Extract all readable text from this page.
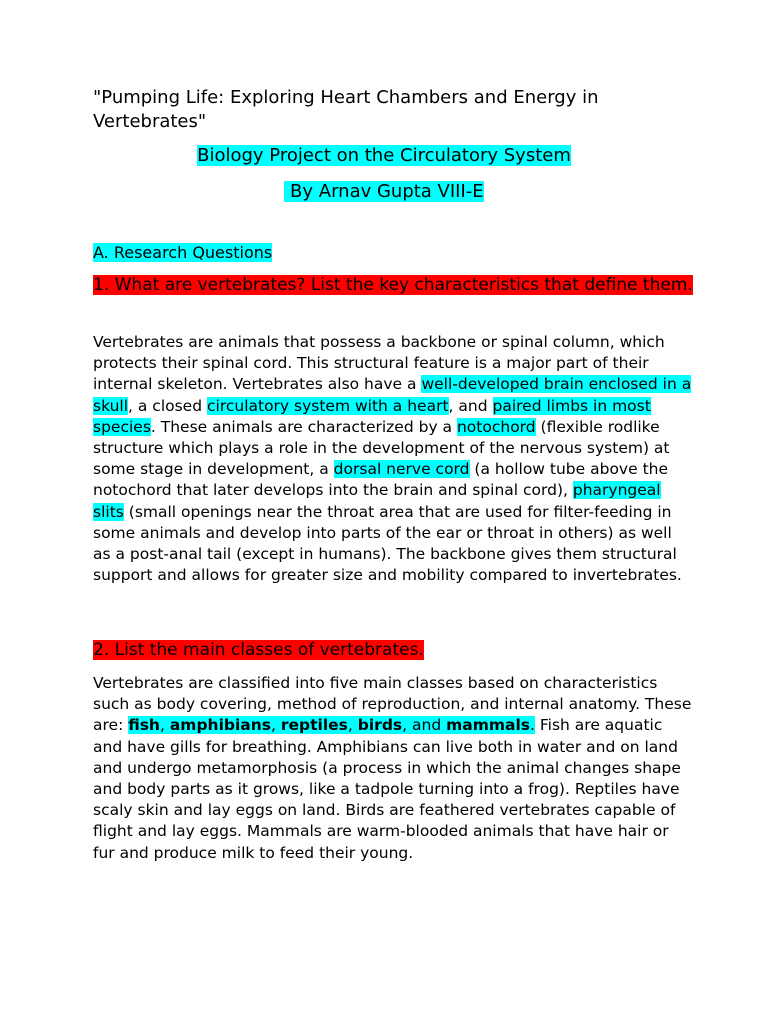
"Pumping Life: Exploring Heart Chambers and Energy in Vertebrates"
Biology Project on the Circulatory System
By Arnav Gupta VIII-E
A. Research Questions
1. What are vertebrates? List the key characteristics that define them.

Vertebrates are animals that possess a backbone or spinal column, which protects their spinal cord. This structural feature is a major part of their internal skeleton. Vertebrates also have a well-developed brain enclosed in a skull, a closed circulatory system with a heart, and paired limbs in most species. These animals are characterized by a notochord (flexible rodlike structure which plays a role in the development of the nervous system) at some stage in development, a dorsal nerve cord (a hollow tube above the notochord that later develops into the brain and spinal cord), pharyngeal slits (small openings near the throat area that are used for filter-feeding in some animals and develop into parts of the ear or throat in others) as well as a post-anal tail (except in humans). The backbone gives them structural support and allows for greater size and mobility compared to invertebrates.

2. List the main classes of vertebrates.

Vertebrates are classified into five main classes based on characteristics such as body covering, method of reproduction, and internal anatomy. These are: fish, amphibians, reptiles, birds, and mammals. Fish are aquatic and have gills for breathing. Amphibians can live both in water and on land and undergo metamorphosis (a process in which the animal changes shape and body parts as it grows, like a tadpole turning into a frog). Reptiles have scaly skin and lay eggs on land. Birds are feathered vertebrates capable of flight and lay eggs. Mammals are warm-blooded animals that have hair or fur and produce milk to feed their young.
